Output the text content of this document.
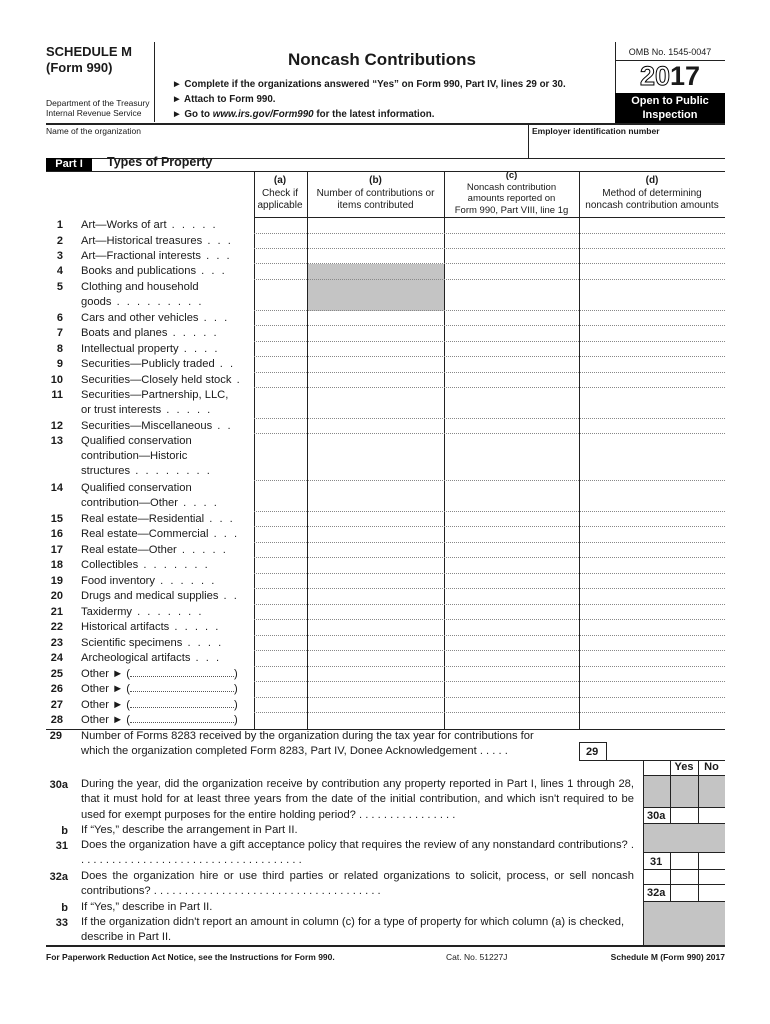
SCHEDULE M
(Form 990)
Department of the Treasury
Internal Revenue Service
Noncash Contributions
► Complete if the organizations answered “Yes” on Form 990, Part IV, lines 29 or 30.
► Attach to Form 990.
► Go to www.irs.gov/Form990 for the latest information.
OMB No. 1545-0047
2017
Open to Public
Inspection
Name of the organization	Employer identification number
Part I	Types of Property
(a)
Check if
applicable
(b)
Number of contributions or
items contributed
(c)
Noncash contribution
amounts reported on
Form 990, Part VIII, line 1g
(d)
Method of determining
noncash contribution amounts
1 Art—Works of art . . . . .
2 Art—Historical treasures . . .
3 Art—Fractional interests . . .
4 Books and publications . . .
5 Clothing and household
goods . . . . . . . . .
6 Cars and other vehicles . . .
7 Boats and planes . . . . .
8 Intellectual property . . . .
9 Securities—Publicly traded . .
10 Securities—Closely held stock .
11 Securities—Partnership, LLC,
or trust interests . . . . .
12 Securities—Miscellaneous . .
13 Qualified conservation
contribution—Historic
structures . . . . . . . .
14 Qualified conservation
contribution—Other . . . .
15 Real estate—Residential . . .
16 Real estate—Commercial . . .
17 Real estate—Other . . . . .
18 Collectibles . . . . . . .
19 Food inventory . . . . . .
20 Drugs and medical supplies . .
21 Taxidermy . . . . . . .
22 Historical artifacts . . . . .
23 Scientific specimens . . . .
24 Archeological artifacts . . .
25 Other ► (	)
26 Other ► (	)
27 Other ► (	)
28 Other ► (	)
29 Number of Forms 8283 received by the organization during the tax year for contributions for
which the organization completed Form 8283, Part IV, Donee Acknowledgement . . . . .	29
Yes No
30a
31
32a
30a During the year, did the organization receive by contribution any property reported in Part I, lines 1 through 28, that it must hold for at least three years from the date of the initial contribution, and which isn't required to be used for exempt purposes for the entire holding period? . . . . . . . . . . . . . . . .
b If “Yes,” describe the arrangement in Part II.
31 Does the organization have a gift acceptance policy that requires the review of any nonstandard contributions? . . . . . . . . . . . . . . . . . . . . . . . . . . . . . . . . . . . . .
32a Does the organization hire or use third parties or related organizations to solicit, process, or sell noncash contributions? . . . . . . . . . . . . . . . . . . . . . . . . . . . . . . . . . . . . .
b If “Yes,” describe in Part II.
33 If the organization didn't report an amount in column (c) for a type of property for which column (a) is checked, describe in Part II.
For Paperwork Reduction Act Notice, see the Instructions for Form 990.	Cat. No. 51227J	Schedule M (Form 990) 2017
